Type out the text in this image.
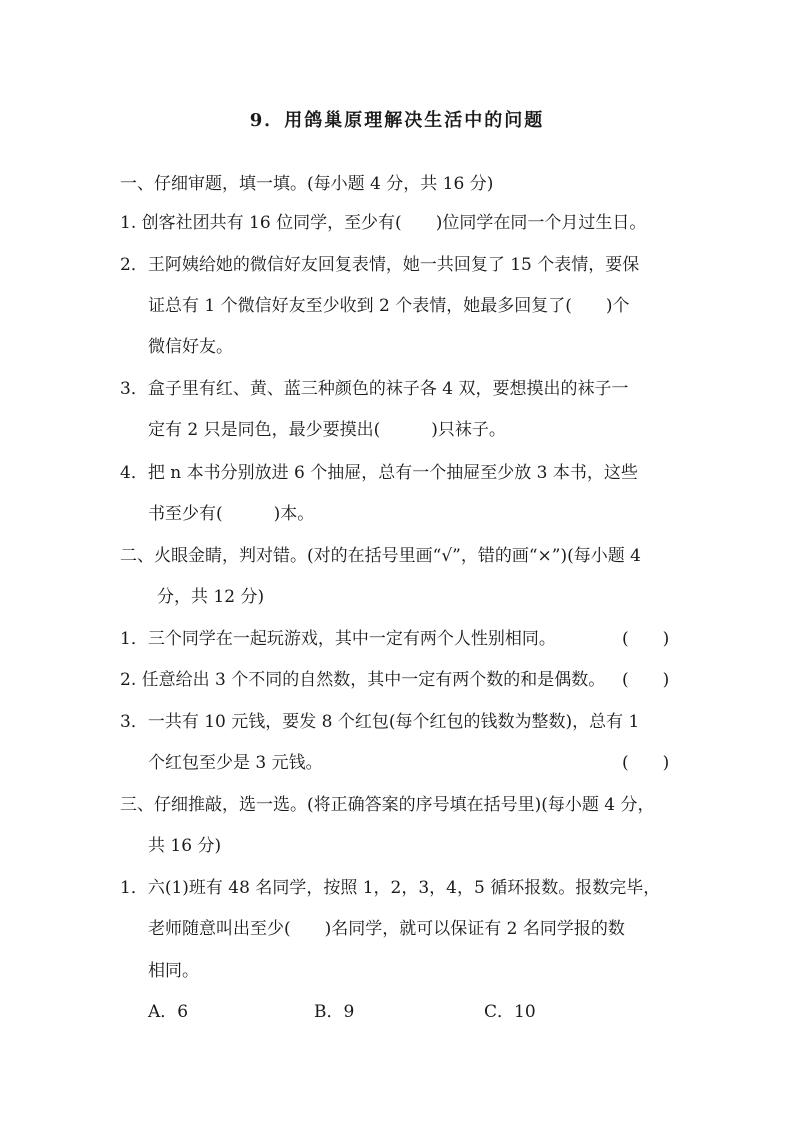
9．用鸽巢原理解决生活中的问题
一、仔细审题，填一填。(每小题 4 分，共 16 分)
1. 创客社团共有 16 位同学，至少有(　　)位同学在同一个月过生日。
2．王阿姨给她的微信好友回复表情，她一共回复了 15 个表情，要保
证总有 1 个微信好友至少收到 2 个表情，她最多回复了(　　)个
微信好友。
3．盒子里有红、黄、蓝三种颜色的袜子各 4 双，要想摸出的袜子一
定有 2 只是同色，最少要摸出(　　　)只袜子。
4．把 n 本书分别放进 6 个抽屉，总有一个抽屉至少放 3 本书，这些
书至少有(　　　)本。
二、火眼金睛，判对错。(对的在括号里画“√”，错的画“×”)(每小题 4
分，共 12 分)
1．三个同学在一起玩游戏，其中一定有两个人性别相同。	(　　)
2. 任意给出 3 个不同的自然数，其中一定有两个数的和是偶数。 (　　)
3．一共有 10 元钱，要发 8 个红包(每个红包的钱数为整数)，总有 1
个红包至少是 3 元钱。	(　　)
三、仔细推敲，选一选。(将正确答案的序号填在括号里)(每小题 4 分，
共 16 分)
1．六(1)班有 48 名同学，按照 1，2，3，4，5 循环报数。报数完毕，
老师随意叫出至少(　　)名同学，就可以保证有 2 名同学报的数
相同。
A．6	B．9	C．10
